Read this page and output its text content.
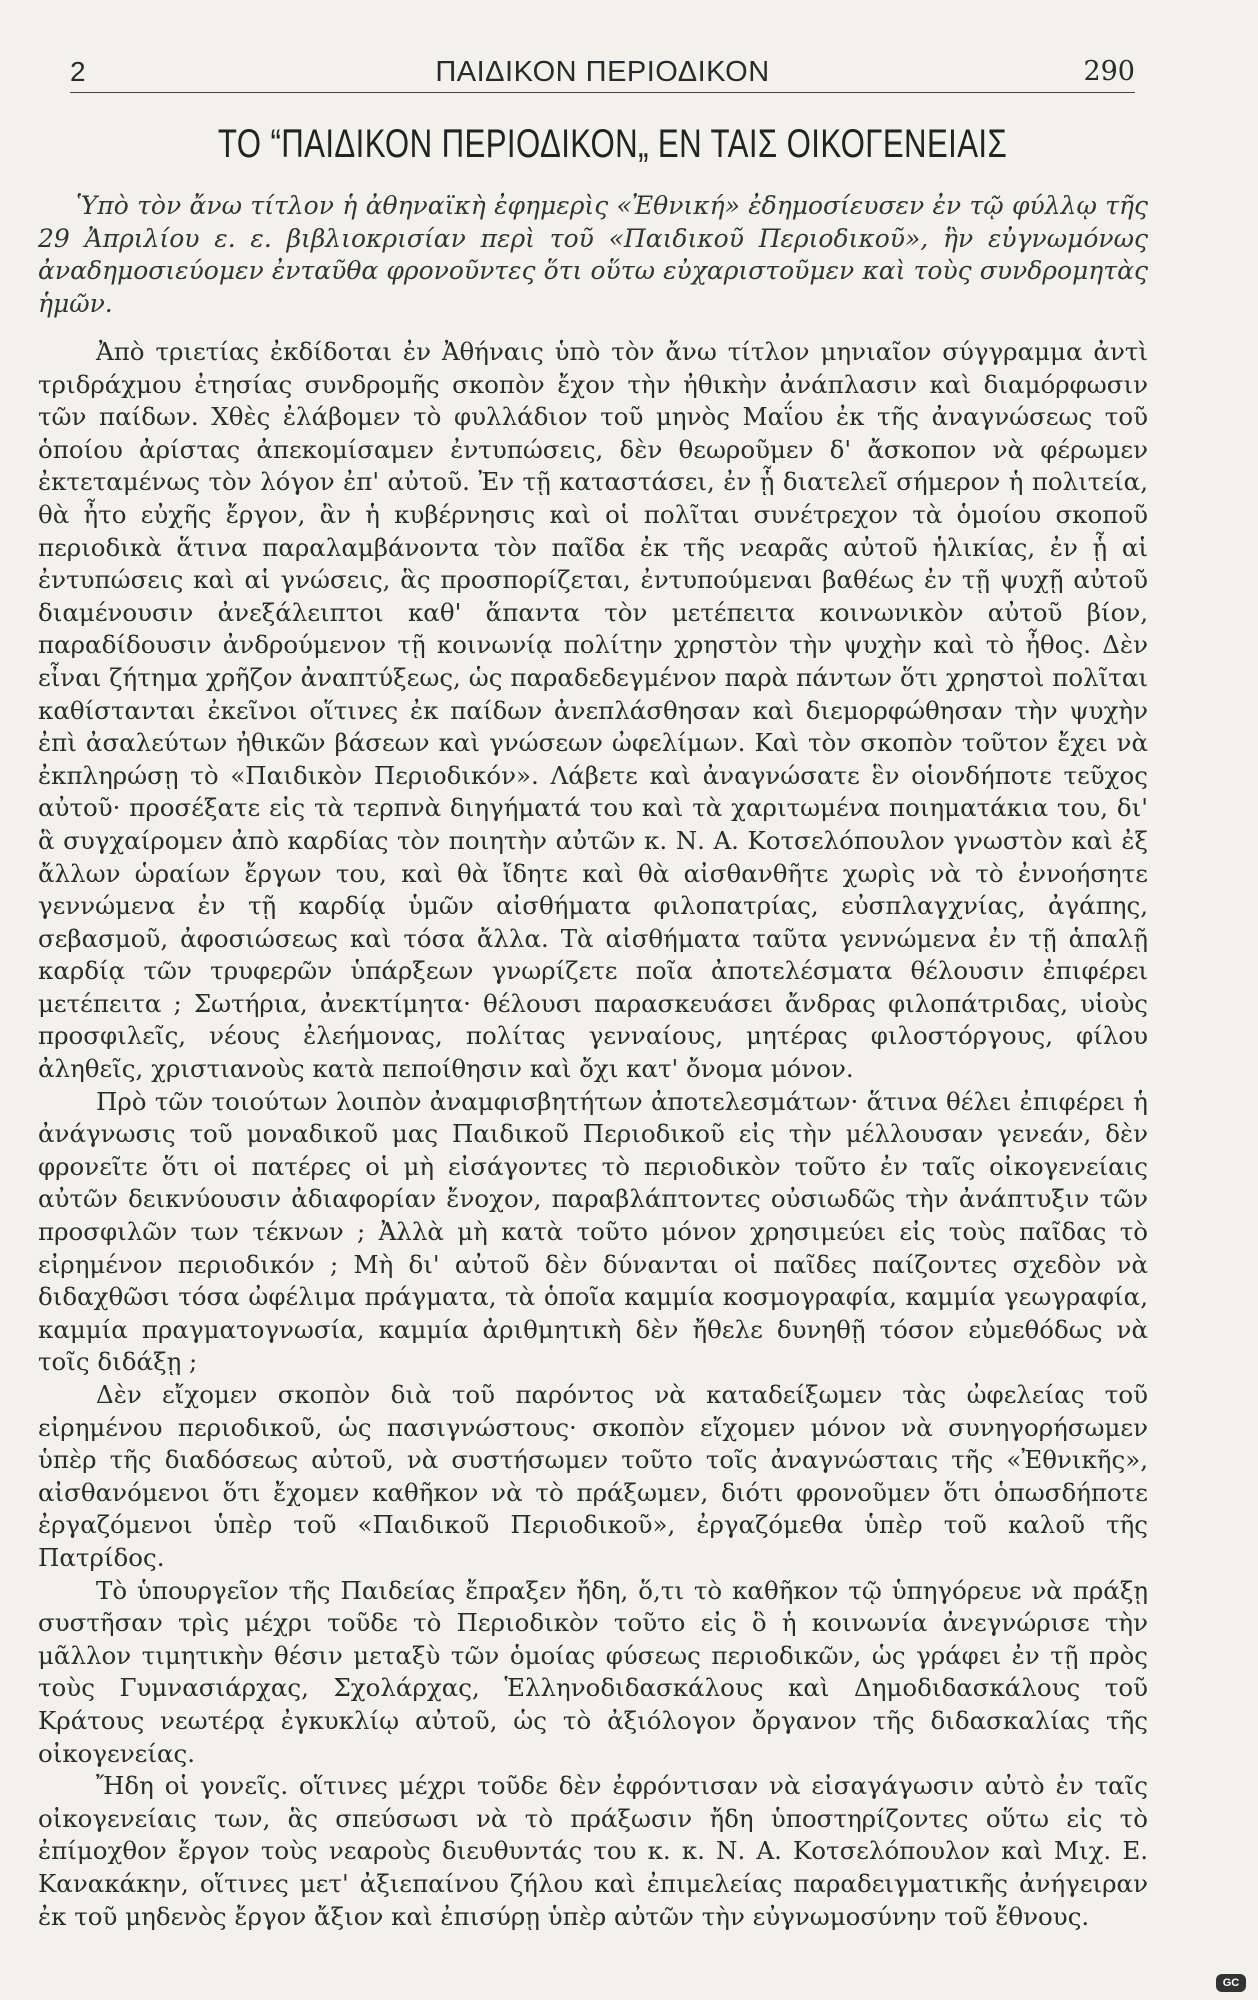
2	ΠΑΙΔΙΚΟΝ ΠΕΡΙΟΔΙΚΟΝ	290
ΤΟ “ΠΑΙΔΙΚΟΝ ΠΕΡΙΟΔΙΚΟΝ„ ΕΝ ΤΑΙΣ ΟΙΚΟΓΕΝΕΙΑΙΣ

Ὑπὸ τὸν ἄνω τίτλον ἡ ἀθηναϊκὴ ἐφημερὶς «Ἐθνική» ἐδημοσίευσεν ἐν τῷ φύλλῳ τῆς 29 Ἀπριλίου ε. ε. βιβλιοκρισίαν περὶ τοῦ «Παιδικοῦ Περιοδικοῦ», ἣν εὐγνωμόνως ἀναδημοσιεύομεν ἐνταῦθα φρονοῦντες ὅτι οὕτω εὐχαριστοῦμεν καὶ τοὺς συνδρομητὰς ἡμῶν.

Ἀπὸ τριετίας ἐκδίδοται ἐν Ἀθήναις ὑπὸ τὸν ἄνω τίτλον μηνιαῖον σύγγραμμα ἀντὶ τριδράχμου ἐτησίας συνδρομῆς σκοπὸν ἔχον τὴν ἠθικὴν ἀνάπλασιν καὶ διαμόρφωσιν τῶν παίδων. Χθὲς ἐλάβομεν τὸ φυλλάδιον τοῦ μηνὸς Μαΐου ἐκ τῆς ἀναγνώσεως τοῦ ὁποίου ἀρίστας ἀπεκομίσαμεν ἐντυπώσεις, δὲν θεωροῦμεν δ' ἄσκοπον νὰ φέρωμεν ἐκτεταμένως τὸν λόγον ἐπ' αὐτοῦ. Ἐν τῇ καταστάσει, ἐν ᾗ διατελεῖ σήμερον ἡ πολιτεία, θὰ ἦτο εὐχῆς ἔργον, ἂν ἡ κυβέρνησις καὶ οἱ πολῖται συνέτρεχον τὰ ὁμοίου σκοποῦ περιοδικὰ ἅτινα παραλαμβάνοντα τὸν παῖδα ἐκ τῆς νεαρᾶς αὐτοῦ ἡλικίας, ἐν ᾗ αἱ ἐντυπώσεις καὶ αἱ γνώσεις, ἃς προσπορίζεται, ἐντυπούμεναι βαθέως ἐν τῇ ψυχῇ αὐτοῦ διαμένουσιν ἀνεξάλειπτοι καθ' ἅπαντα τὸν μετέπειτα κοινωνικὸν αὐτοῦ βίον, παραδίδουσιν ἀνδρούμενον τῇ κοινωνίᾳ πολίτην χρηστὸν τὴν ψυχὴν καὶ τὸ ἦθος. Δὲν εἶναι ζήτημα χρῆζον ἀναπτύξεως, ὡς παραδεδεγμένον παρὰ πάντων ὅτι χρηστοὶ πολῖται καθίστανται ἐκεῖνοι οἵτινες ἐκ παίδων ἀνεπλάσθησαν καὶ διεμορφώθησαν τὴν ψυχὴν ἐπὶ ἀσαλεύτων ἠθικῶν βάσεων καὶ γνώσεων ὠφελίμων. Καὶ τὸν σκοπὸν τοῦτον ἔχει νὰ ἐκπληρώσῃ τὸ «Παιδικὸν Περιοδικόν». Λάβετε καὶ ἀναγνώσατε ἓν οἱονδήποτε τεῦχος αὐτοῦ· προσέξατε εἰς τὰ τερπνὰ διηγήματά του καὶ τὰ χαριτωμένα ποιηματάκια του, δι' ἃ συγχαίρομεν ἀπὸ καρδίας τὸν ποιητὴν αὐτῶν κ. Ν. Α. Κοτσελόπουλον γνωστὸν καὶ ἐξ ἄλλων ὡραίων ἔργων του, καὶ θὰ ἴδητε καὶ θὰ αἰσθανθῆτε χωρὶς νὰ τὸ ἐννοήσητε γεννώμενα ἐν τῇ καρδίᾳ ὑμῶν αἰσθήματα φιλοπατρίας, εὐσπλαγχνίας, ἀγάπης, σεβασμοῦ, ἀφοσιώσεως καὶ τόσα ἄλλα. Τὰ αἰσθήματα ταῦτα γεννώμενα ἐν τῇ ἁπαλῇ καρδίᾳ τῶν τρυφερῶν ὑπάρξεων γνωρίζετε ποῖα ἀποτελέσματα θέλουσιν ἐπιφέρει μετέπειτα ; Σωτήρια, ἀνεκτίμητα· θέλουσι παρασκευάσει ἄνδρας φιλοπάτριδας, υἱοὺς προσφιλεῖς, νέους ἐλεήμονας, πολίτας γενναίους, μητέρας φιλοστόργους, φίλου ἀληθεῖς, χριστιανοὺς κατὰ πεποίθησιν καὶ ὄχι κατ' ὄνομα μόνον.

Πρὸ τῶν τοιούτων λοιπὸν ἀναμφισβητήτων ἀποτελεσμάτων· ἅτινα θέλει ἐπιφέρει ἡ ἀνάγνωσις τοῦ μοναδικοῦ μας Παιδικοῦ Περιοδικοῦ εἰς τὴν μέλλουσαν γενεάν, δὲν φρονεῖτε ὅτι οἱ πατέρες οἱ μὴ εἰσάγοντες τὸ περιοδικὸν τοῦτο ἐν ταῖς οἰκογενείαις αὐτῶν δεικνύουσιν ἀδιαφορίαν ἔνοχον, παραβλάπτοντες οὐσιωδῶς τὴν ἀνάπτυξιν τῶν προσφιλῶν των τέκνων ; Ἀλλὰ μὴ κατὰ τοῦτο μόνον χρησιμεύει εἰς τοὺς παῖδας τὸ εἰρημένον περιοδικόν ; Μὴ δι' αὐτοῦ δὲν δύνανται οἱ παῖδες παίζοντες σχεδὸν νὰ διδαχθῶσι τόσα ὠφέλιμα πράγματα, τὰ ὁποῖα καμμία κοσμογραφία, καμμία γεωγραφία, καμμία πραγματογνωσία, καμμία ἀριθμητικὴ δὲν ἤθελε δυνηθῇ τόσον εὐμεθόδως νὰ τοῖς διδάξῃ ;

Δὲν εἴχομεν σκοπὸν διὰ τοῦ παρόντος νὰ καταδείξωμεν τὰς ὠφελείας τοῦ εἰρημένου περιοδικοῦ, ὡς πασιγνώστους· σκοπὸν εἴχομεν μόνον νὰ συνηγορήσωμεν ὑπὲρ τῆς διαδόσεως αὐτοῦ, νὰ συστήσωμεν τοῦτο τοῖς ἀναγνώσταις τῆς «Ἐθνικῆς», αἰσθανόμενοι ὅτι ἔχομεν καθῆκον νὰ τὸ πράξωμεν, διότι φρονοῦμεν ὅτι ὁπωσδήποτε ἐργαζόμενοι ὑπὲρ τοῦ «Παιδικοῦ Περιοδικοῦ», ἐργαζόμεθα ὑπὲρ τοῦ καλοῦ τῆς Πατρίδος.

Τὸ ὑπουργεῖον τῆς Παιδείας ἔπραξεν ἤδη, ὅ,τι τὸ καθῆκον τῷ ὑπηγόρευε νὰ πράξῃ συστῆσαν τρὶς μέχρι τοῦδε τὸ Περιοδικὸν τοῦτο εἰς ὃ ἡ κοινωνία ἀνεγνώρισε τὴν μᾶλλον τιμητικὴν θέσιν μεταξὺ τῶν ὁμοίας φύσεως περιοδικῶν, ὡς γράφει ἐν τῇ πρὸς τοὺς Γυμνασιάρχας, Σχολάρχας, Ἑλληνοδιδασκάλους καὶ Δημοδιδασκάλους τοῦ Κράτους νεωτέρᾳ ἐγκυκλίῳ αὐτοῦ, ὡς τὸ ἀξιόλογον ὄργανον τῆς διδασκαλίας τῆς οἰκογενείας.

Ἤδη οἱ γονεῖς. οἵτινες μέχρι τοῦδε δὲν ἐφρόντισαν νὰ εἰσαγάγωσιν αὐτὸ ἐν ταῖς οἰκογενείαις των, ἃς σπεύσωσι νὰ τὸ πράξωσιν ἤδη ὑποστηρίζοντες οὕτω εἰς τὸ ἐπίμοχθον ἔργον τοὺς νεαροὺς διευθυντάς του κ. κ. Ν. Α. Κοτσελόπουλον καὶ Μιχ. Ε. Κανακάκην, οἵτινες μετ' ἀξιεπαίνου ζήλου καὶ ἐπιμελείας παραδειγματικῆς ἀνήγειραν ἐκ τοῦ μηδενὸς ἔργον ἄξιον καὶ ἐπισύρῃ ὑπὲρ αὐτῶν τὴν εὐγνωμοσύνην τοῦ ἔθνους.

GC
